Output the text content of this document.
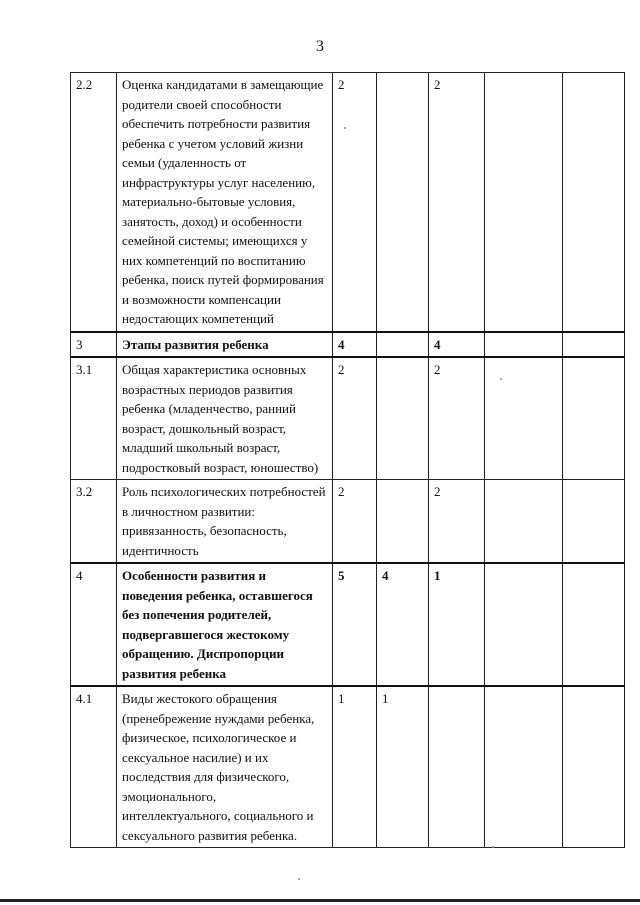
3
2.2	Оценка кандидатами в замещающие родители своей способности обеспечить потребности развития ребенка с учетом условий жизни семьи (удаленность от инфраструктуры услуг населению, материально-бытовые условия, занятость, доход) и особенности семейной системы; имеющихся у них компетенций по воспитанию ребенка, поиск путей формирования и возможности компенсации недостающих компетенций	2		2		
3	Этапы развития ребенка	4		4		
3.1	Общая характеристика основных возрастных периодов развития ребенка (младенчество, ранний возраст, дошкольный возраст, младший школьный возраст, подростковый возраст, юношество)	2		2		
3.2	Роль психологических потребностей в личностном развитии: привязанность, безопасность, идентичность	2		2		
4	Особенности развития и поведения ребенка, оставшегося без попечения родителей, подвергавшегося жестокому обращению. Диспропорции развития ребенка	5	4	1		
4.1	Виды жестокого обращения (пренебрежение нуждами ребенка, физическое, психологическое и сексуальное насилие) и их последствия для физического, эмоционального, интеллектуального, социального и сексуального развития ребенка.	1	1			
